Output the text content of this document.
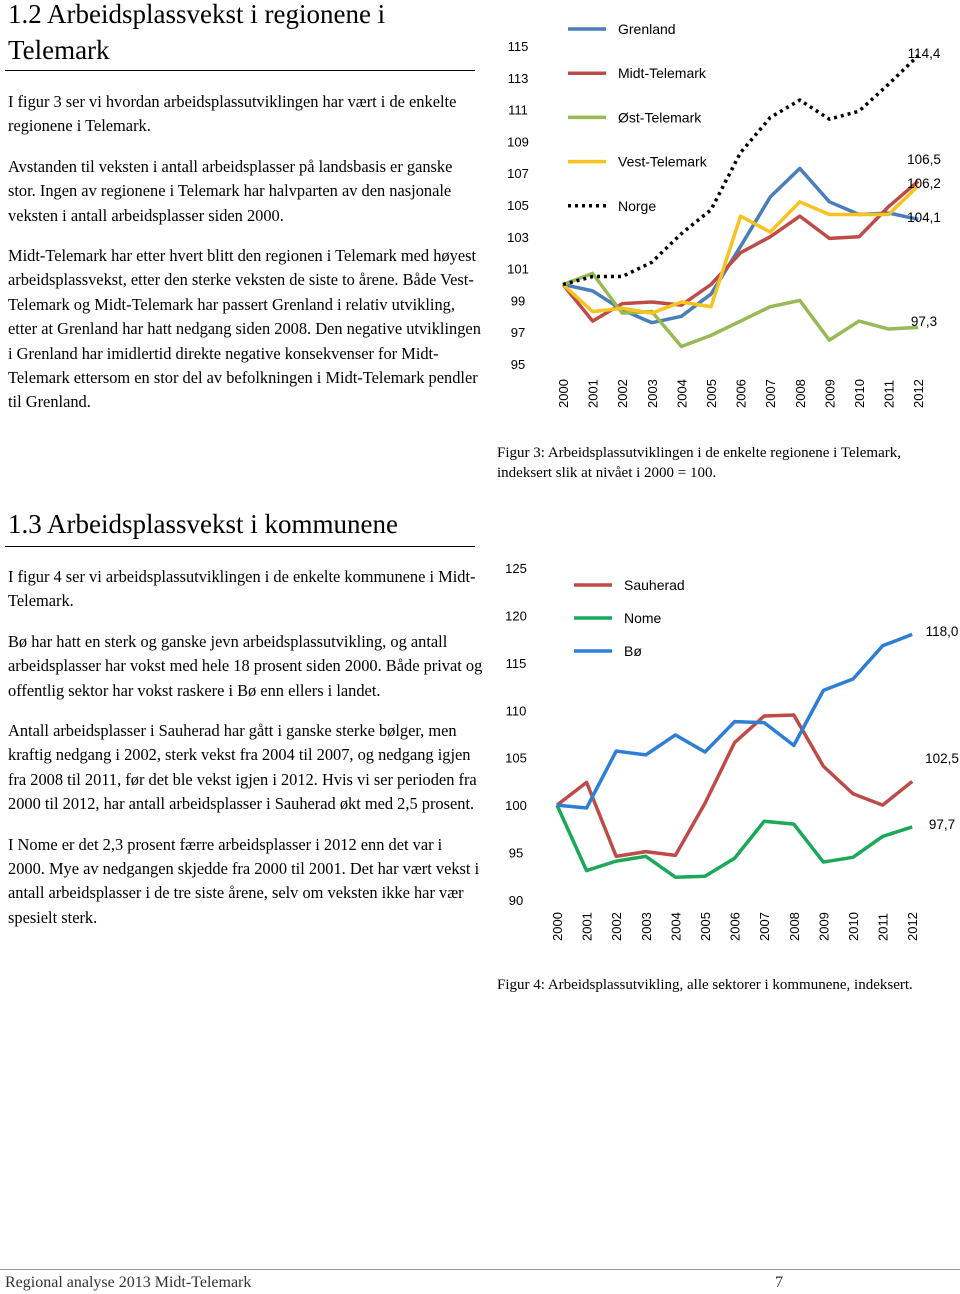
1.2 Arbeidsplassvekst i regionene i Telemark

I figur 3 ser vi hvordan arbeidsplassutviklingen har vært i de enkelte regionene i Telemark.

Avstanden til veksten i antall arbeidsplasser på landsbasis er ganske stor. Ingen av regionene i Telemark har halvparten av den nasjonale veksten i antall arbeidsplasser siden 2000.

Midt-Telemark har etter hvert blitt den regionen i Telemark med høyest arbeidsplassvekst, etter den sterke veksten de siste to årene. Både Vest-Telemark og Midt-Telemark har passert Grenland i relativ utvikling, etter at Grenland har hatt nedgang siden 2008. Den negative utviklingen i Grenland har imidlertid direkte negative konsekvenser for Midt-Telemark ettersom en stor del av befolkningen i Midt-Telemark pendler til Grenland.

95
97
99
101
103
105
107
109
111
113
115
2000 2001 2002 2003 2004 2005 2006 2007 2008 2009 2010 2011 2012
Grenland
Midt-Telemark
Øst-Telemark
Vest-Telemark
Norge
104,1
106,5
97,3
106,2
114,4
Figur 3: Arbeidsplassutviklingen i de enkelte regionene i Telemark, indeksert slik at nivået i 2000 = 100.
1.3 Arbeidsplassvekst i kommunene

I figur 4 ser vi arbeidsplassutviklingen i de enkelte kommunene i Midt-Telemark.

Bø har hatt en sterk og ganske jevn arbeidsplassutvikling, og antall arbeidsplasser har vokst med hele 18 prosent siden 2000. Både privat og offentlig sektor har vokst raskere i Bø enn ellers i landet.

Antall arbeidsplasser i Sauherad har gått i ganske sterke bølger, men kraftig nedgang i 2002, sterk vekst fra 2004 til 2007, og nedgang igjen fra 2008 til 2011, før det ble vekst igjen i 2012. Hvis vi ser perioden fra 2000 til 2012, har antall arbeidsplasser i Sauherad økt med 2,5 prosent.

I Nome er det 2,3 prosent færre arbeidsplasser i 2012 enn det var i 2000. Mye av nedgangen skjedde fra 2000 til 2001. Det har vært vekst i antall arbeidsplasser i de tre siste årene, selv om veksten ikke har vær spesielt sterk.

90
95
100
105
110
115
120
125
2000 2001 2002 2003 2004 2005 2006 2007 2008 2009 2010 2011 2012
Sauherad
Nome
Bø
102,5
97,7
118,0
Figur 4: Arbeidsplassutvikling, alle sektorer i kommunene, indeksert.
Regional analyse 2013 Midt-Telemark	7
